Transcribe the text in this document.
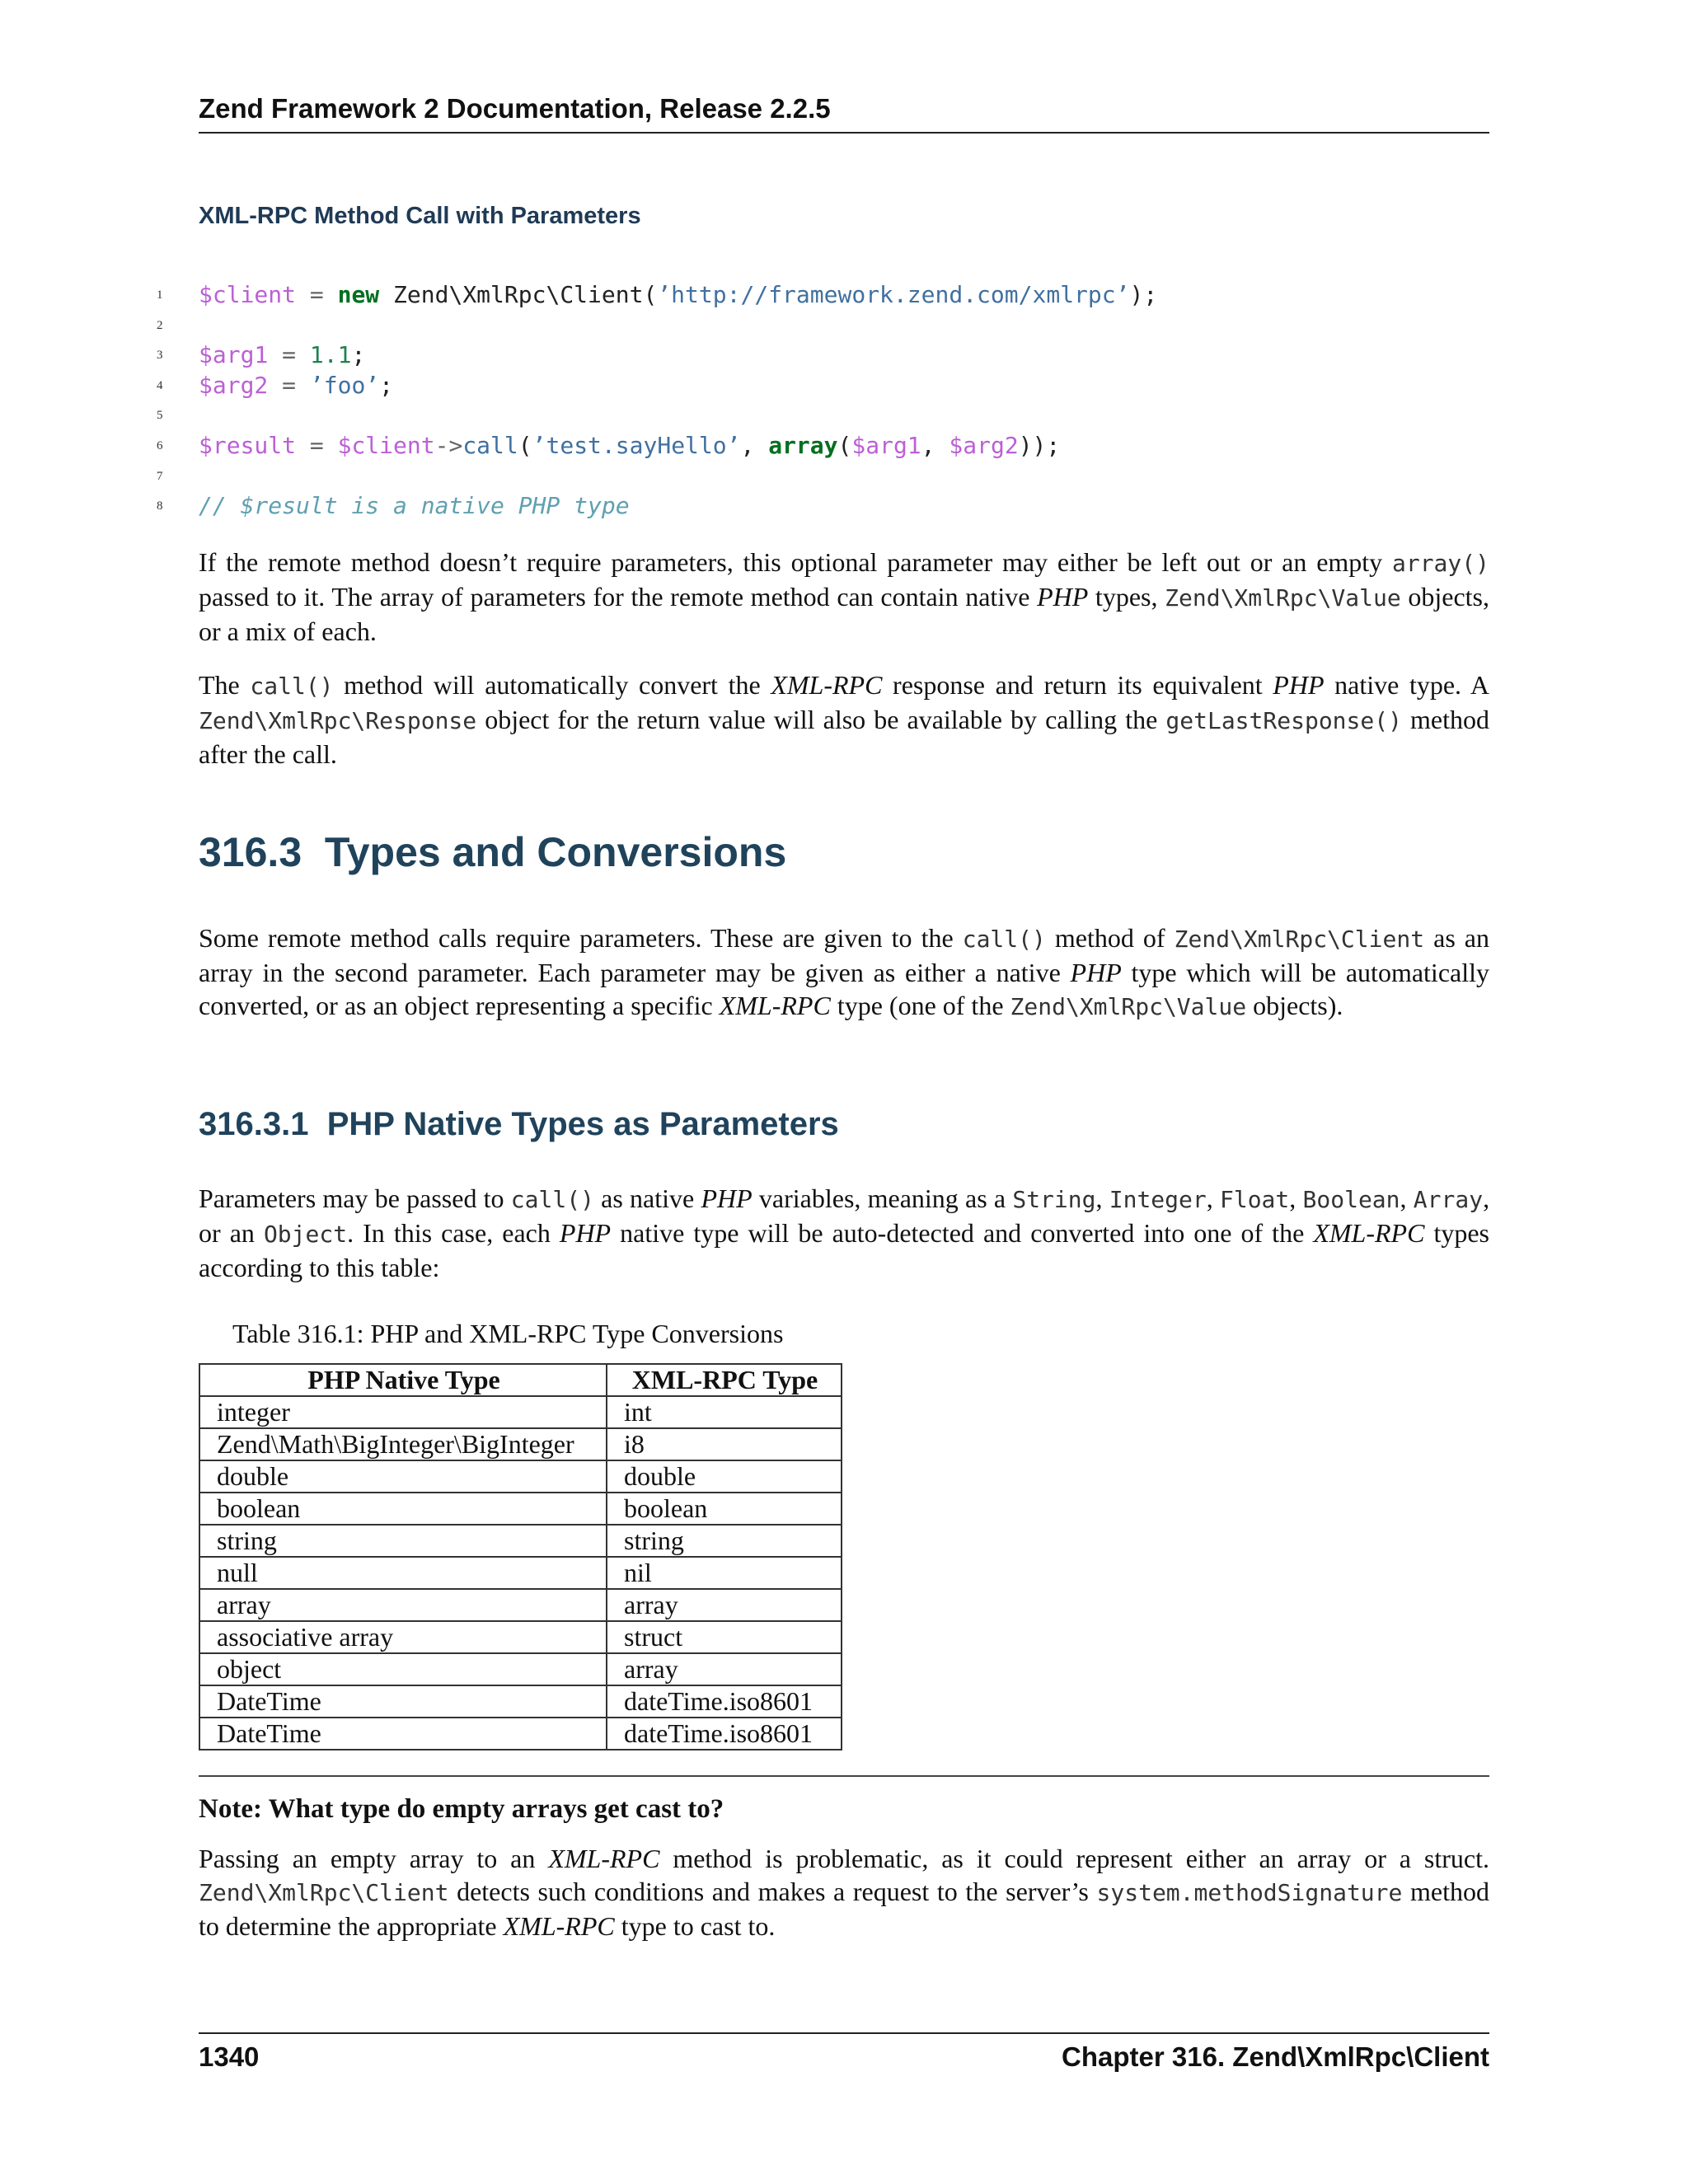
Zend Framework 2 Documentation, Release 2.2.5
XML-RPC Method Call with Parameters
1	$client = new Zend\XmlRpc\Client(’http://framework.zend.com/xmlrpc’);
2
3	$arg1 = 1.1;
4	$arg2 = ’foo’;
5
6	$result = $client->call(’test.sayHello’, array($arg1, $arg2));
7
8	// $result is a native PHP type
If the remote method doesn’t require parameters, this optional parameter may either be left out or an empty array() passed to it. The array of parameters for the remote method can contain native PHP types, Zend\XmlRpc\Value objects, or a mix of each.
The call() method will automatically convert the XML-RPC response and return its equivalent PHP native type. A Zend\XmlRpc\Response object for the return value will also be available by calling the getLastResponse() method after the call.
316.3 Types and Conversions
Some remote method calls require parameters. These are given to the call() method of Zend\XmlRpc\Client as an array in the second parameter. Each parameter may be given as either a native PHP type which will be automatically converted, or as an object representing a specific XML-RPC type (one of the Zend\XmlRpc\Value objects).
316.3.1 PHP Native Types as Parameters
Parameters may be passed to call() as native PHP variables, meaning as a String, Integer, Float, Boolean, Array, or an Object. In this case, each PHP native type will be auto-detected and converted into one of the XML-RPC types according to this table:
Table 316.1: PHP and XML-RPC Type Conversions
PHP Native Type	XML-RPC Type
integer	int
Zend\Math\BigInteger\BigInteger	i8
double	double
boolean	boolean
string	string
null	nil
array	array
associative array	struct
object	array
DateTime	dateTime.iso8601
DateTime	dateTime.iso8601
Note: What type do empty arrays get cast to?
Passing an empty array to an XML-RPC method is problematic, as it could represent either an array or a struct. Zend\XmlRpc\Client detects such conditions and makes a request to the server’s system.methodSignature method to determine the appropriate XML-RPC type to cast to.
1340	Chapter 316. Zend\XmlRpc\Client
